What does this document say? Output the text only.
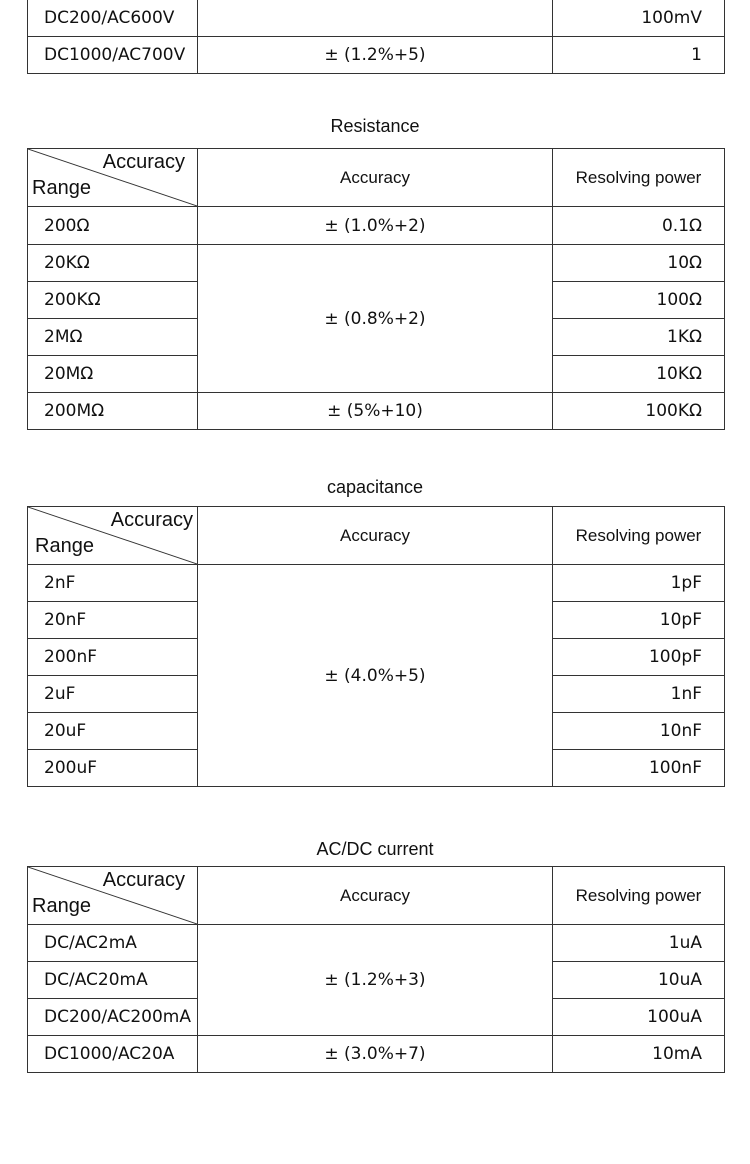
DC200/AC600V		100mV
DC1000/AC700V	± (1.2%+5)	1
Resistance
Accuracy
Range	Accuracy	Resolving power
200Ω	± (1.0%+2)	0.1Ω
20KΩ	± (0.8%+2)	10Ω
200KΩ		100Ω
2MΩ		1KΩ
20MΩ		10KΩ
200MΩ	± (5%+10)	100KΩ
capacitance
Accuracy
Range	Accuracy	Resolving power
2nF	± (4.0%+5)	1pF
20nF		10pF
200nF		100pF
2uF		1nF
20uF		10nF
200uF		100nF
AC/DC current
Accuracy
Range	Accuracy	Resolving power
DC/AC2mA	± (1.2%+3)	1uA
DC/AC20mA		10uA
DC200/AC200mA		100uA
DC1000/AC20A	± (3.0%+7)	10mA
